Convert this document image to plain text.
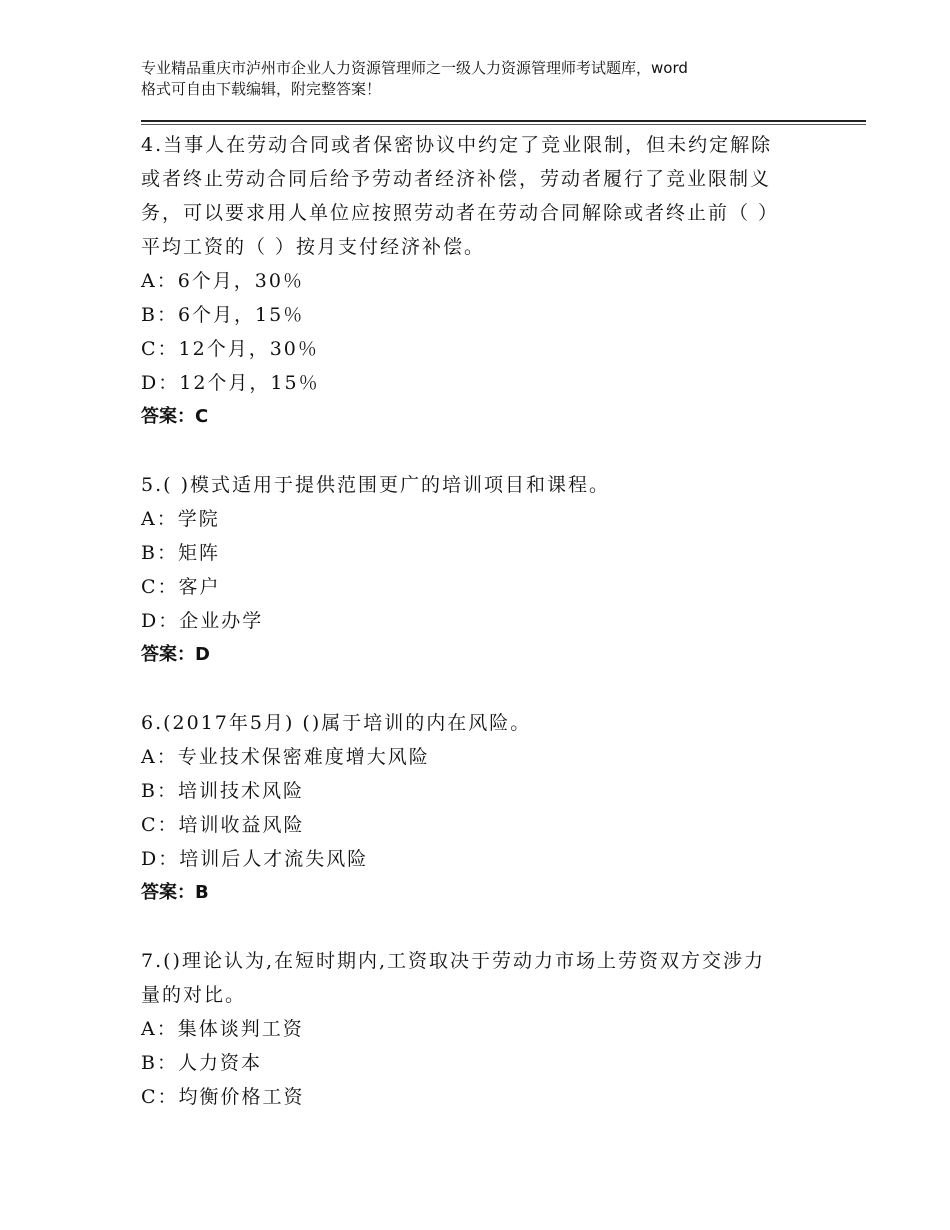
专业精品重庆市泸州市企业人力资源管理师之一级人力资源管理师考试题库，word
格式可自由下载编辑，附完整答案！
4.当事人在劳动合同或者保密协议中约定了竞业限制，但未约定解除
或者终止劳动合同后给予劳动者经济补偿，劳动者履行了竞业限制义
务，可以要求用人单位应按照劳动者在劳动合同解除或者终止前（ ）
平均工资的（ ）按月支付经济补偿。
A：6个月，30％
B：6个月，15％
C：12个月，30％
D：12个月，15％
答案：C
5.( )模式适用于提供范围更广的培训项目和课程。
A：学院
B：矩阵
C：客户
D：企业办学
答案：D
6.(2017年5月) ()属于培训的内在风险。
A：专业技术保密难度增大风险
B：培训技术风险
C：培训收益风险
D：培训后人才流失风险
答案：B
7.()理论认为,在短时期内,工资取决于劳动力市场上劳资双方交涉力
量的对比。
A：集体谈判工资
B：人力资本
C：均衡价格工资
